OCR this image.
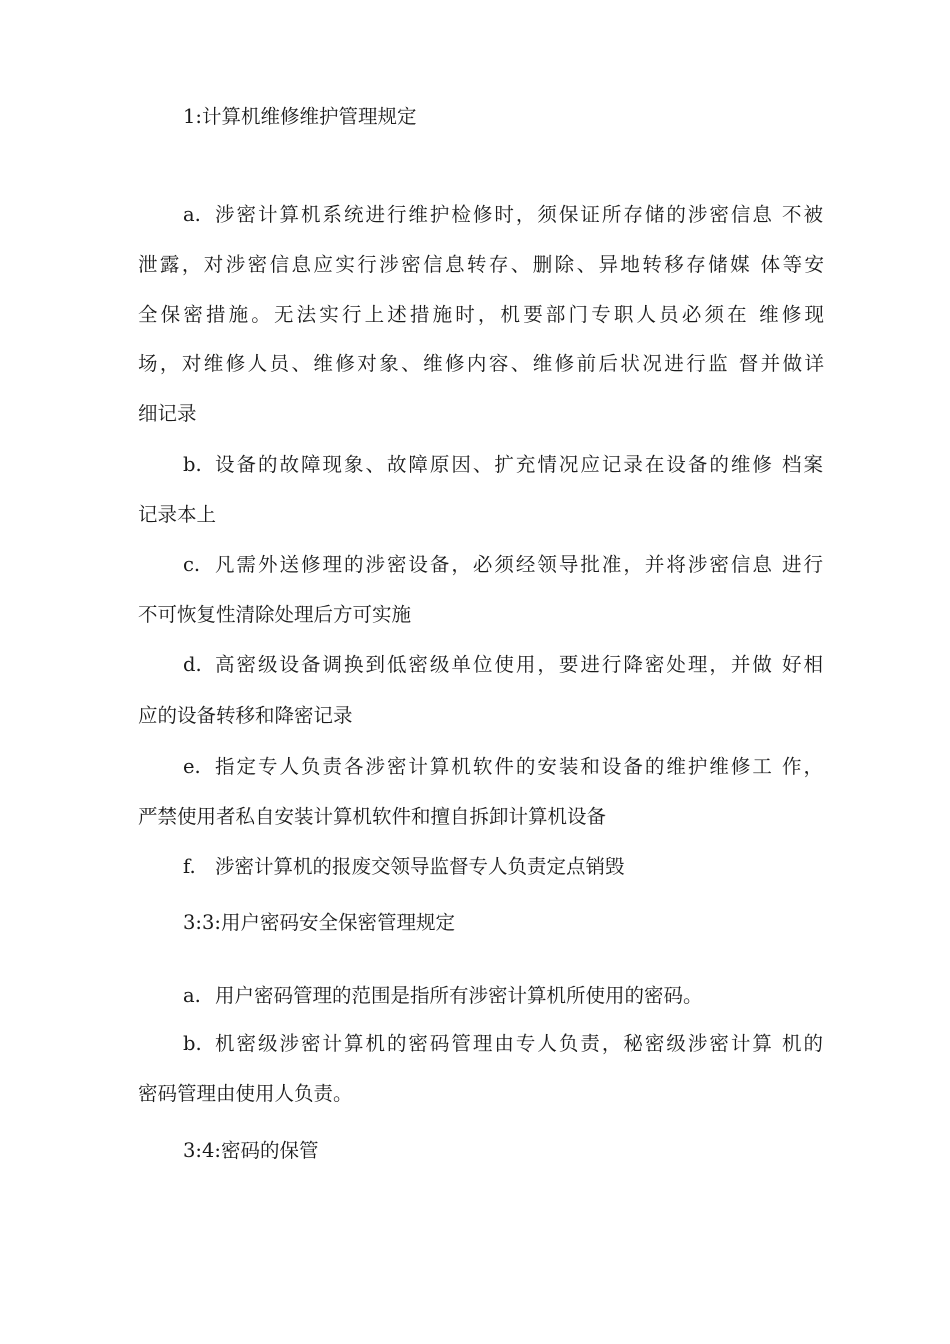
1:计算机维修维护管理规定
a. 涉密计算机系统进行维护检修时，须保证所存储的涉密信息 不被
泄露，对涉密信息应实行涉密信息转存、删除、异地转移存储媒 体等安
全保密措施。无法实行上述措施时，机要部门专职人员必须在 维修现
场，对维修人员、维修对象、维修内容、维修前后状况进行监 督并做详
细记录
b. 设备的故障现象、故障原因、扩充情况应记录在设备的维修 档案
记录本上
c. 凡需外送修理的涉密设备，必须经领导批准，并将涉密信息 进行
不可恢复性清除处理后方可实施
d. 高密级设备调换到低密级单位使用，要进行降密处理，并做 好相
应的设备转移和降密记录
e. 指定专人负责各涉密计算机软件的安装和设备的维护维修工 作，
严禁使用者私自安装计算机软件和擅自拆卸计算机设备
f. 涉密计算机的报废交领导监督专人负责定点销毁
3:3:用户密码安全保密管理规定
a. 用户密码管理的范围是指所有涉密计算机所使用的密码。
b. 机密级涉密计算机的密码管理由专人负责，秘密级涉密计算 机的
密码管理由使用人负责。
3:4:密码的保管
